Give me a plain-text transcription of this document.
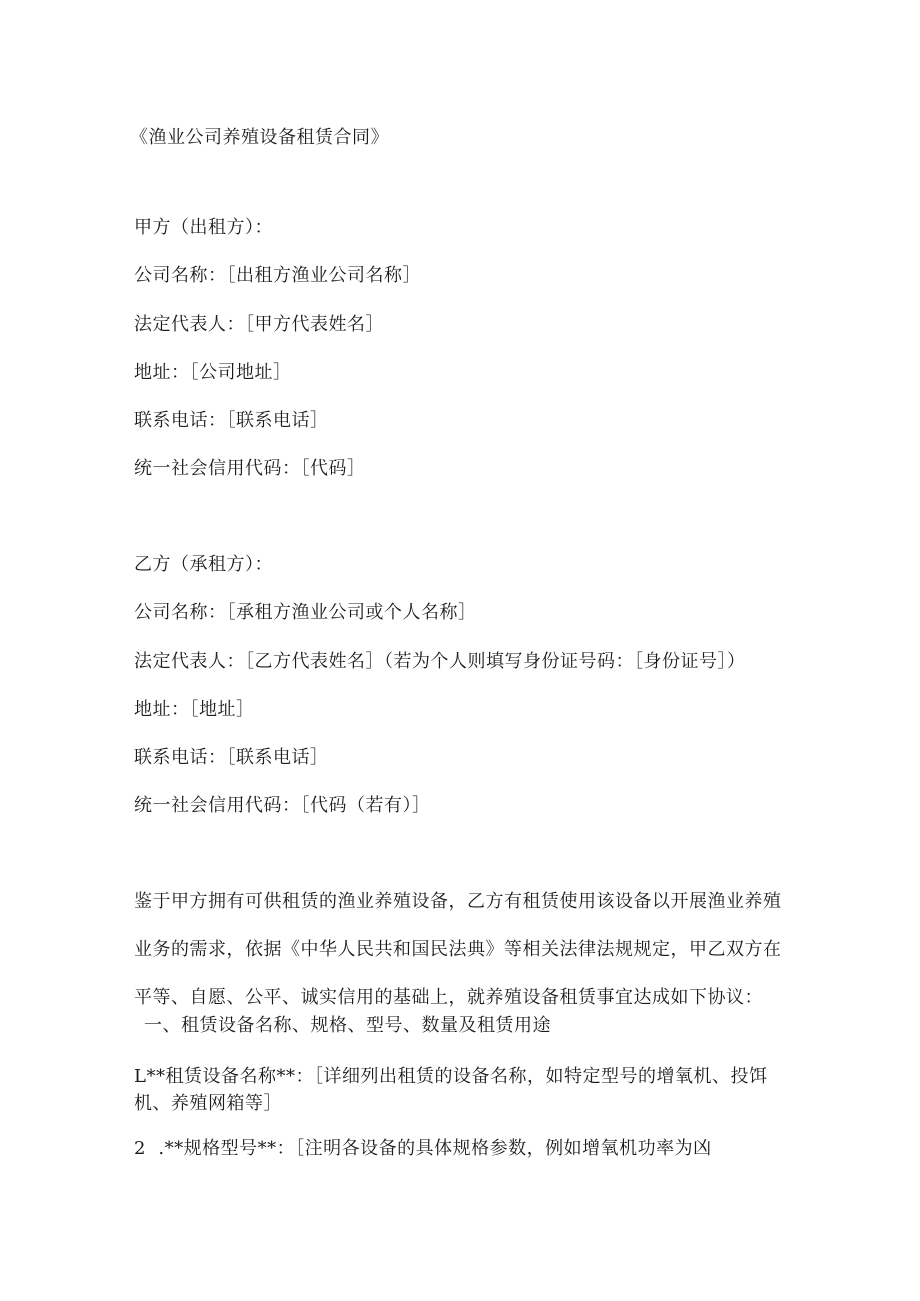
《渔业公司养殖设备租赁合同》
甲方（出租方）：
公司名称：［出租方渔业公司名称］
法定代表人：［甲方代表姓名］
地址：［公司地址］
联系电话：［联系电话］
统一社会信用代码：［代码］
乙方（承租方）：
公司名称：［承租方渔业公司或个人名称］
法定代表人：［乙方代表姓名］（若为个人则填写身份证号码：［身份证号］）
地址：［地址］
联系电话：［联系电话］
统一社会信用代码：［代码（若有）］
鉴于甲方拥有可供租赁的渔业养殖设备，乙方有租赁使用该设备以开展渔业养殖
业务的需求，依据《中华人民共和国民法典》等相关法律法规规定，甲乙双方在
平等、自愿、公平、诚实信用的基础上，就养殖设备租赁事宜达成如下协议：
一、租赁设备名称、规格、型号、数量及租赁用途
L**租赁设备名称**：［详细列出租赁的设备名称，如特定型号的增氧机、投饵
机、养殖网箱等］
2  .**规格型号**：［注明各设备的具体规格参数，例如增氧机功率为凶
